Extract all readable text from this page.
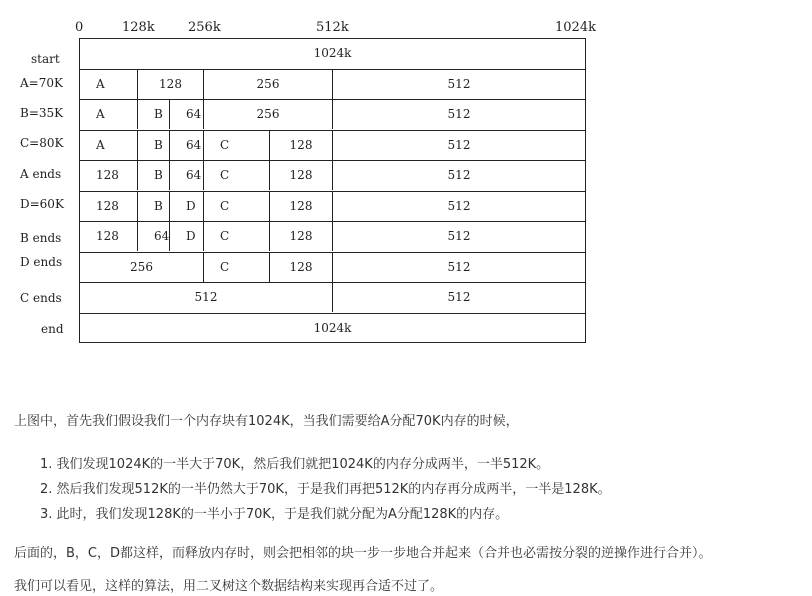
0	128k	256k	512k	1024k
start	1024k
A=70K	A	128	256	512
B=35K	A	B	64	256	512
C=80K	A	B	64	C	128	512
A ends	128	B	64	C	128	512
D=60K	128	B	D	C	128	512
B ends	128	64	D	C	128	512
D ends	256	C	128	512
C ends	512	512
end	1024k
上图中，首先我们假设我们一个内存块有1024K，当我们需要给A分配70K内存的时候，
1. 我们发现1024K的一半大于70K，然后我们就把1024K的内存分成两半，一半512K。
2. 然后我们发现512K的一半仍然大于70K，于是我们再把512K的内存再分成两半，一半是128K。
3. 此时，我们发现128K的一半小于70K，于是我们就分配为A分配128K的内存。
后面的，B，C，D都这样，而释放内存时，则会把相邻的块一步一步地合并起来（合并也必需按分裂的逆操作进行合并）。
我们可以看见，这样的算法，用二叉树这个数据结构来实现再合适不过了。
